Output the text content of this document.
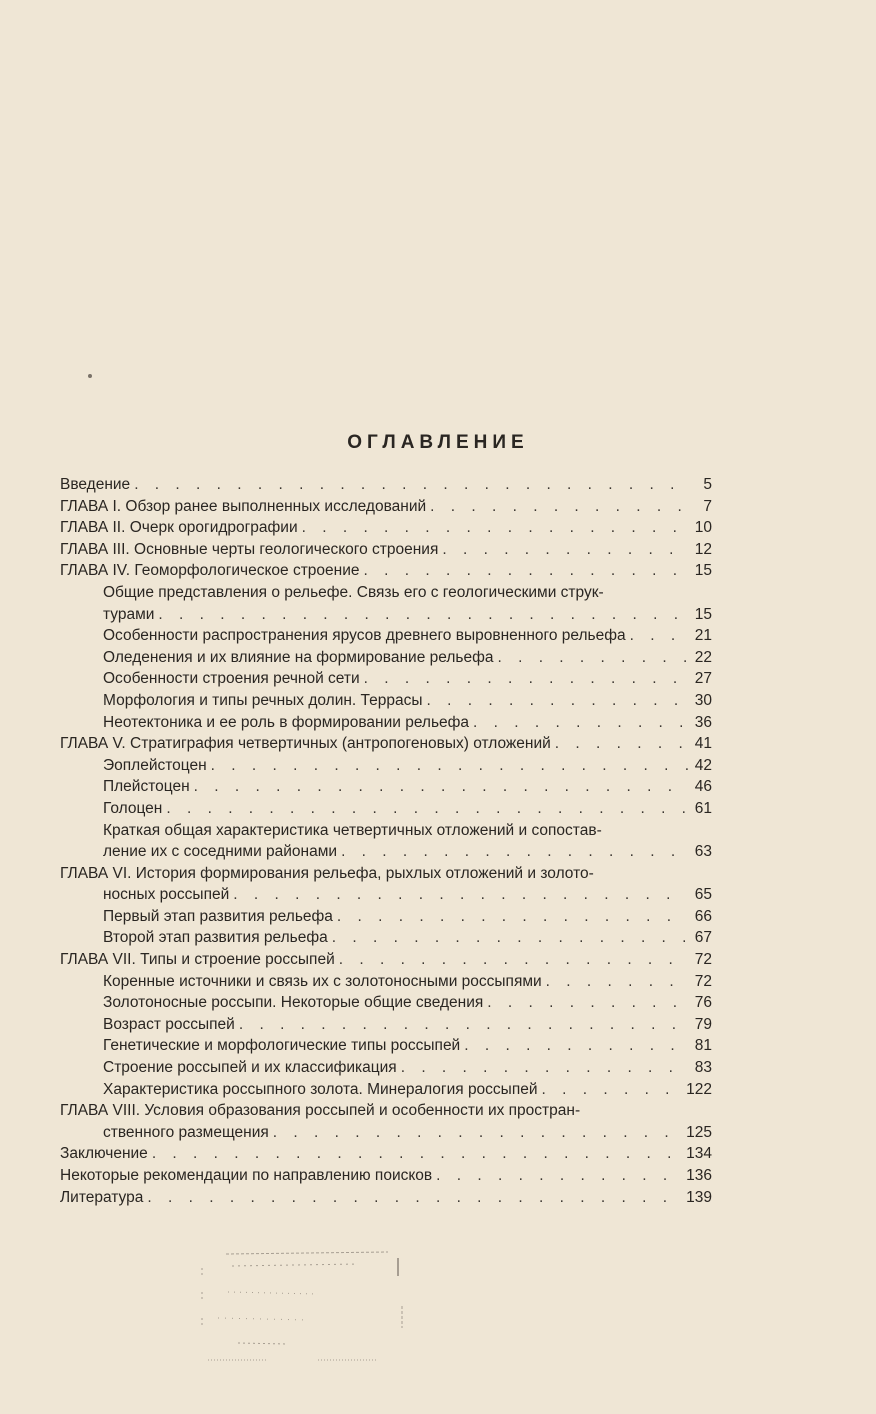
ОГЛАВЛЕНИЕ
Введение . . .	5
ГЛАВА I. Обзор ранее выполненных исследований . . .	7
ГЛАВА II. Очерк орогидрографии . . .	10
ГЛАВА III. Основные черты геологического строения . . .	12
ГЛАВА IV. Геоморфологическое строение . . .	15
Общие представления о рельефе. Связь его с геологическими струк-
турами . . .	15
Особенности распространения ярусов древнего выровненного рельефа . . .	21
Оледенения и их влияние на формирование рельефа . . .	22
Особенности строения речной сети . . .	27
Морфология и типы речных долин. Террасы . . .	30
Неотектоника и ее роль в формировании рельефа . . .	36
ГЛАВА V. Стратиграфия четвертичных (антропогеновых) отложений . . .	41
Эоплейстоцен . . .	42
Плейстоцен . . .	46
Голоцен . . .	61
Краткая общая характеристика четвертичных отложений и сопостав-
ление их с соседними районами . . .	63
ГЛАВА VI. История формирования рельефа, рыхлых отложений и золото-
носных россыпей . . .	65
Первый этап развития рельефа . . .	66
Второй этап развития рельефа . . .	67
ГЛАВА VII. Типы и строение россыпей . . .	72
Коренные источники и связь их с золотоносными россыпями . . .	72
Золотоносные россыпи. Некоторые общие сведения . . .	76
Возраст россыпей . . .	79
Генетические и морфологические типы россыпей . . .	81
Строение россыпей и их классификация . . .	83
Характеристика россыпного золота. Минералогия россыпей . . .	122
ГЛАВА VIII. Условия образования россыпей и особенности их простран-
ственного размещения . . .	125
Заключение . . .	134
Некоторые рекомендации по направлению поисков . . .	136
Литература . . .	139
